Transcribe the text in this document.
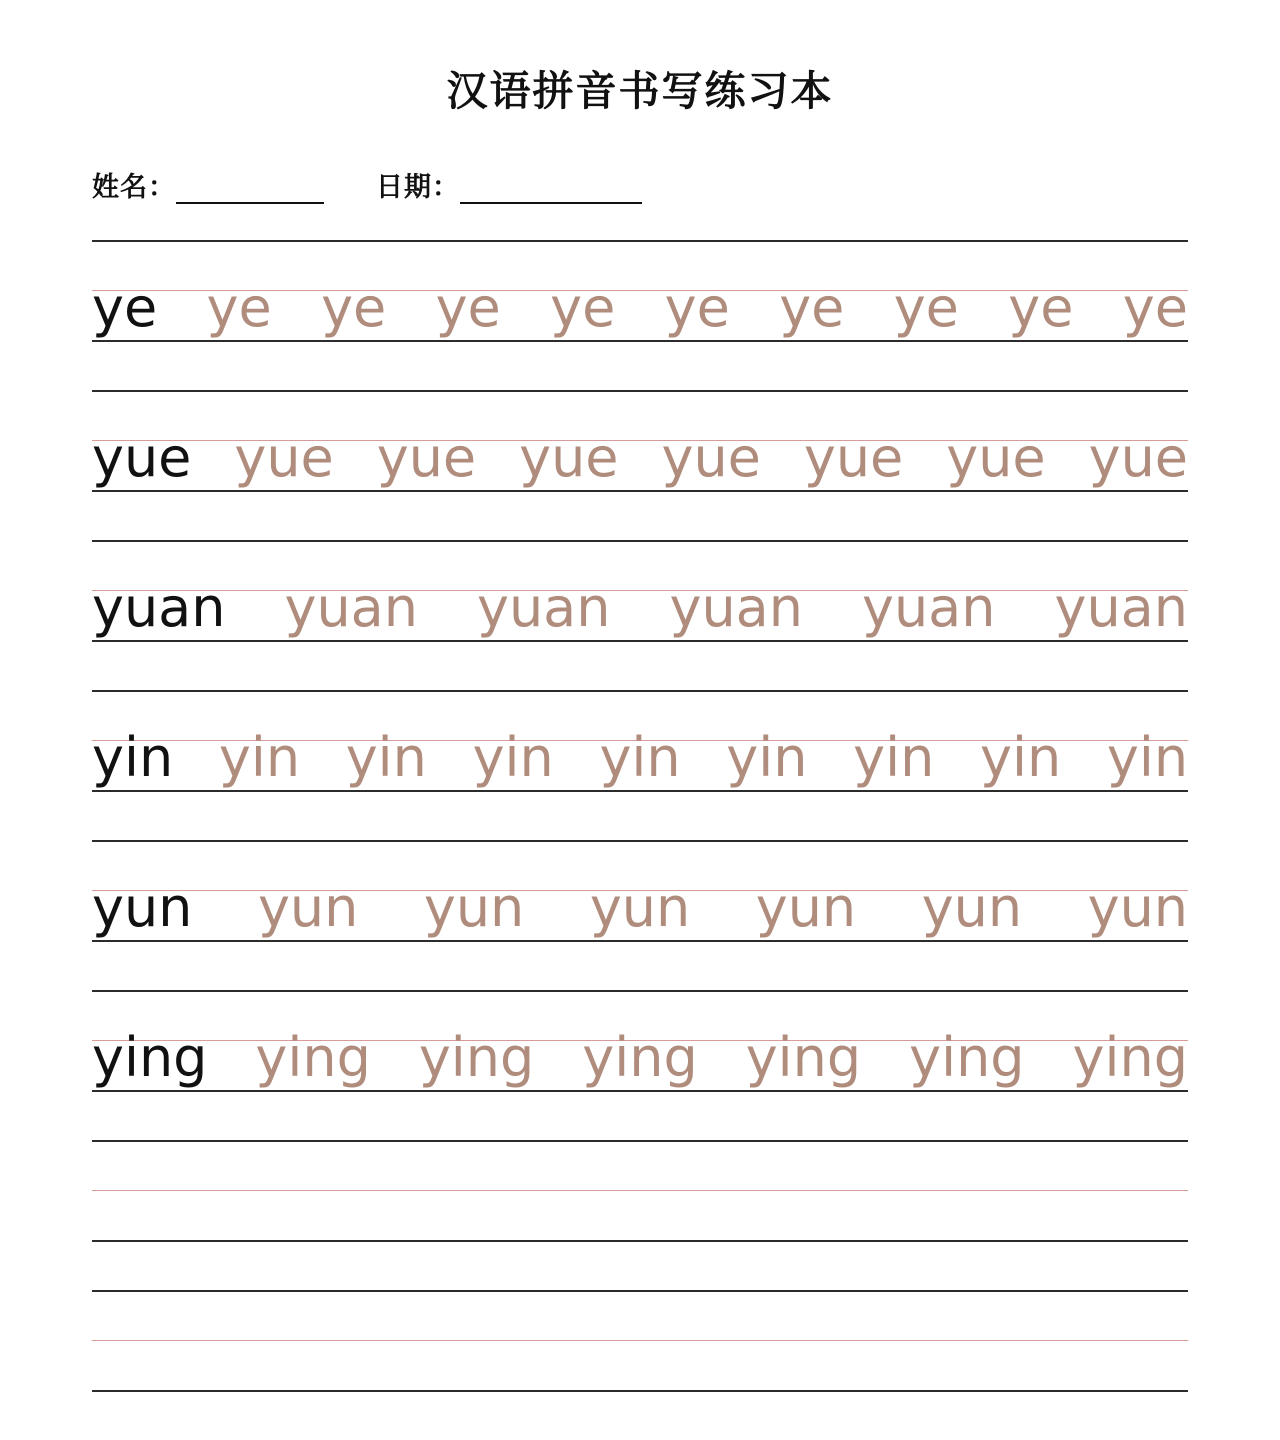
汉语拼音书写练习本
姓名：	日期：
ye ye ye ye ye ye ye ye ye ye
yue yue yue yue yue yue yue yue
yuan yuan yuan yuan yuan yuan
yin yin yin yin yin yin yin yin yin
yun yun yun yun yun yun yun
ying ying ying ying ying ying ying
